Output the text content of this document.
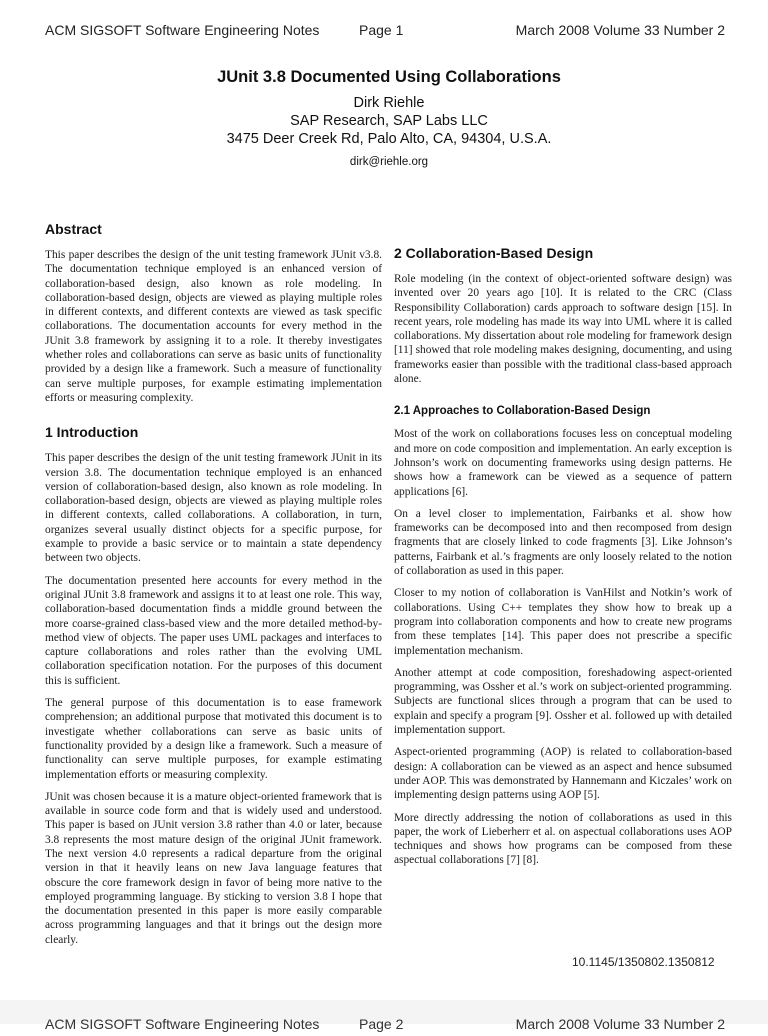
ACM SIGSOFT Software Engineering Notes	Page 1	March 2008 Volume 33 Number 2
JUnit 3.8 Documented Using Collaborations

Dirk Riehle

SAP Research, SAP Labs LLC

3475 Deer Creek Rd, Palo Alto, CA, 94304, U.S.A.

dirk@riehle.org
Abstract

This paper describes the design of the unit testing framework JUnit v3.8. The documentation technique employed is an enhanced version of collaboration-based design, also known as role modeling. In collaboration-based design, objects are viewed as playing multiple roles in different contexts, and different contexts are viewed as task specific collaborations. The documentation accounts for every method in the JUnit 3.8 framework by assigning it to a role. It thereby investigates whether roles and collaborations can serve as basic units of functionality provided by a design like a framework. Such a measure of functionality can serve multiple purposes, for example estimating implementation efforts or measuring complexity.

1 Introduction

This paper describes the design of the unit testing framework JUnit in its version 3.8. The documentation technique employed is an enhanced version of collaboration-based design, also known as role modeling. In collaboration-based design, objects are viewed as playing multiple roles in different contexts, called collaborations. A collaboration, in turn, organizes several usually distinct objects for a specific purpose, for example to provide a basic service or to maintain a state dependency between two objects.

The documentation presented here accounts for every method in the original JUnit 3.8 framework and assigns it to at least one role. This way, collaboration-based documentation finds a middle ground between the more coarse-grained class-based view and the more detailed method-by-method view of objects. The paper uses UML packages and interfaces to capture collaborations and roles rather than the evolving UML collaboration specification notation. For the purposes of this document this is sufficient.

The general purpose of this documentation is to ease framework comprehension; an additional purpose that motivated this document is to investigate whether collaborations can serve as basic units of functionality provided by a design like a framework. Such a measure of functionality can serve multiple purposes, for example estimating implementation efforts or measuring complexity.

JUnit was chosen because it is a mature object-oriented framework that is available in source code form and that is widely used and understood. This paper is based on JUnit version 3.8 rather than 4.0 or later, because 3.8 represents the most mature design of the original JUnit framework. The next version 4.0 represents a radical departure from the original version in that it heavily leans on new Java language features that obscure the core framework design in favor of being more native to the employed programming language. By sticking to version 3.8 I hope that the documentation presented in this paper is more easily comparable across programming languages and that it brings out the design more clearly.

2 Collaboration-Based Design

Role modeling (in the context of object-oriented software design) was invented over 20 years ago [10]. It is related to the CRC (Class Responsibility Collaboration) cards approach to software design [15]. In recent years, role modeling has made its way into UML where it is called collaborations. My dissertation about role modeling for framework design [11] showed that role modeling makes designing, documenting, and using frameworks easier than possible with the traditional class-based approach alone.

2.1 Approaches to Collaboration-Based Design

Most of the work on collaborations focuses less on conceptual modeling and more on code composition and implementation. An early exception is Johnson’s work on documenting frameworks using design patterns. He shows how a framework can be viewed as a sequence of pattern applications [6].

On a level closer to implementation, Fairbanks et al. show how frameworks can be decomposed into and then recomposed from design fragments that are closely linked to code fragments [3]. Like Johnson’s patterns, Fairbank et al.’s fragments are only loosely related to the notion of collaboration as used in this paper.

Closer to my notion of collaboration is VanHilst and Notkin’s work of collaborations. Using C++ templates they show how to break up a program into collaboration components and how to create new programs from these templates [14]. This paper does not prescribe a specific implementation mechanism.

Another attempt at code composition, foreshadowing aspect-oriented programming, was Ossher et al.’s work on subject-oriented programming. Subjects are functional slices through a program that can be used to explain and specify a program [9]. Ossher et al. followed up with detailed implementation support.

Aspect-oriented programming (AOP) is related to collaboration-based design: A collaboration can be viewed as an aspect and hence subsumed under AOP. This was demonstrated by Hannemann and Kiczales’ work on implementing design patterns using AOP [5].

More directly addressing the notion of collaborations as used in this paper, the work of Lieberherr et al. on aspectual collaborations uses AOP techniques and shows how programs can be composed from these aspectual collaborations [7] [8].

10.1145/1350802.1350812
ACM SIGSOFT Software Engineering Notes	Page 2	March 2008 Volume 33 Number 2
